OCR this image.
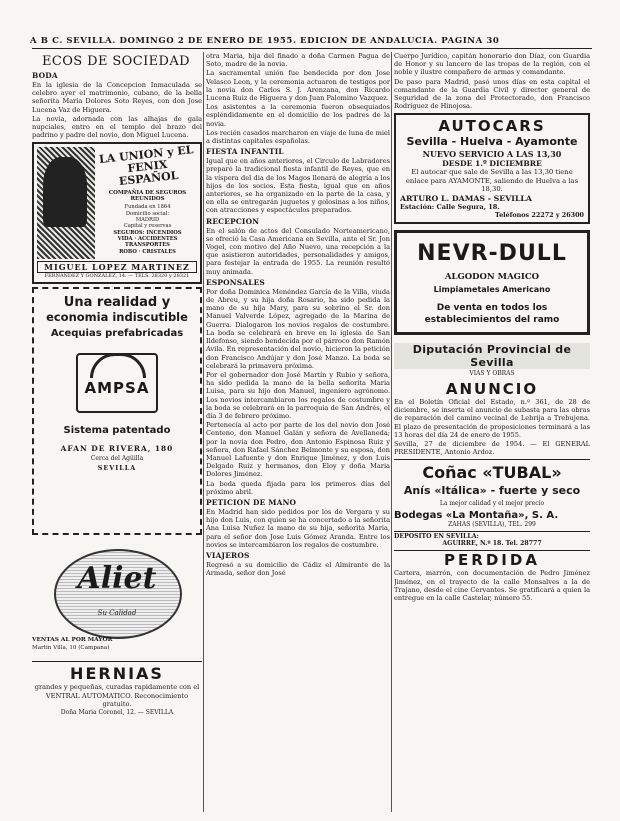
A B C. SEVILLA. DOMINGO 2 DE ENERO DE 1955. EDICION DE ANDALUCIA. PAGINA 30
ECOS DE SOCIEDAD
BODA

En la iglesia de la Concepcion Inmaculada se celebro ayer el matrimonio, cubano, de la bella señorita Maria Dolores Soto Reyes, con don Jose Lucena Vaz de Higuera.

La novia, adornada con las alhajas de gala nupciales, entro en el templo del brazo del padrino y padre del novio, don Miguel Lucena.

LA UNION y EL FENIX ESPAÑOL
COMPAÑIA DE SEGUROS REUNIDOS
Fundada en 1864
Domicilio social:
MADRID
Capital y reservas
SEGUROS: INCENDIOS
VIDA · ACCIDENTES
TRANSPORTES
ROBO · CRISTALES
MIGUEL LOPEZ MARTINEZ
FERNANDEZ Y GONZALEZ, 14. — TELS. 28320 y 28321
Una realidad y
economia indiscutible
Acequias prefabricadas
AMPSA
Sistema patentado
AFAN DE RIVERA, 180
Cerca del Agüilla
SEVILLA
Aliet
Su Calidad
VENTAS AL POR MAYOR
Martin Villa, 10 (Campana)
HERNIAS

grandes y pequeñas, curadas rapidamente con el VENTRAL AUTOMATICO. Reconocimiento gratuito.

Doña Maria Coronel, 12. — SEVILLA

otra Maria, hija del finado a doña Carmen Pagua de Soto, madre de la novia.

La sacramental unión fue bendecida por don Jose Velasco Leon, y la ceremonia actuaron de testigos por la novia don Carlos S. J. Arenzana, don Ricardo Lucena Ruiz de Higuera y don Juan Palomino Vazquez.

Los asistentes a la ceremonia fueron obsequiados espléndidamente en el domicilio de los padres de la novia.

Los recién casados marcharon en viaje de luna de miel a distintas capitales españolas.

FIESTA INFANTIL

Igual que en años anteriores, el Circulo de Labradores preparó la tradicional fiesta infantil de Reyes, que en la víspera del dia de los Magos llenará de alegría a los hijos de los socios. Esta fiesta, igual que en años anteriores, se ha organizado en la parte de la casa, y en ella se entregarán juguetes y golosinas a los niños, con atracciones y espectáculos preparados.

RECEPCION

En el salón de actos del Consulado Norteamericano, se ofreció la Casa Americana en Sevilla, ante el Sr. Jon Vogel, con motivo del Año Nuevo, una recepción a la que asistieron autoridades, personalidades y amigos, para festejar la entrada de 1955. La reunión resultó muy animada.

ESPONSALES

Por doña Dominica Menéndez García de la Villa, viuda de Abreu, y su hija doña Rosario, ha sido pedida la mano de su hija Mary, para su sobrino el Sr. don Manuel Valverde López, agregado de la Marina de Guerra. Dialogaron los novios regalos de costumbre. La boda se celebrará en breve en la iglesia de San Ildefonso, siendo bendecida por el párroco don Ramón Avila. En representación del novio, hicieron la petición don Francisco Andújar y don José Manzo. La boda se celebrará la primavera próxima.

Por el gobernador don José Martín y Rubio y señora, ha sido pedida la mano de la bella señorita Maria Luisa, para su hijo don Manuel, ingeniero agrónomo. Los novios intercambiaron los regalos de costumbre y la boda se celebrará en la parroquia de San Andrés, el día 3 de febrero próximo.

Pertenecía al acto por parte de los del novio don José Centeno, don Manuel Galán y señora de Avellaneda; por la novia don Pedro, don Antonio Espinosa Ruiz y señora, don Rafael Sánchez Belmonte y su esposa, don Manuel Lafuente y don Enrique Jiménez, y don Luis Delgado Ruiz y hermanos, don Eloy y doña Maria Dolores Jiménez.

La boda queda fijada para los primeros días del próximo abril.

PETICION DE MANO

En Madrid han sido pedidos por los de Vergara y su hijo don Luis, con quien se ha concertado a la señorita Ana Luisa Nuñez la mano de su hija, señorita Maria, para el señor don Jose Luis Gómez Aranda. Entre los novios se intercambiaron los regalos de costumbre.

VIAJEROS

Regresó a su domicilio de Cádiz el Almirante de la Armada, señor don José

Cuerpo Jurídico, capitán honorario don Díaz, con Guardia de Honor y su lancero de las tropas de la región, con el noble y ilustre compañero de armas y comandante.

De paso para Madrid, pasó unos días en esta capital el comandante de la Guardia Civil y director general de Seguridad de la zona del Protectorado, don Francisco Rodríguez de Hinojosa.

AUTOCARS
Sevilla - Huelva - Ayamonte
NUEVO SERVICIO A LAS 13,30
DESDE 1.º DICIEMBRE

El autocar que sale de Sevilla a las 13,30 tiene enlace para AYAMONTE, saliendo de Huelva a las 18,30.

ARTURO L. DAMAS - SEVILLA
Estación: Calle Segura, 18.
Teléfonos 22272 y 26300
NEVR-DULL
ALGODON MAGICO
Limpiametales Americano
De venta en todos los establecimientos del ramo
Diputación Provincial de Sevilla
VIAS Y OBRAS
ANUNCIO

En el Boletín Oficial del Estado, n.º 361, de 28 de diciembre, se inserta el anuncio de subasta para las obras de reparación del camino vecinal de Lebrija a Trebujena. El plazo de presentación de proposiciones terminará a las 13 horas del día 24 de enero de 1955.

Sevilla, 27 de diciembre de 1954. — El GENERAL PRESIDENTE, Antonio Ardoz.

Coñac «TUBAL»
Anís «Itálica» - fuerte y seco
La mejor calidad y el mejor precio
Bodegas «La Montaña», S. A.
ZAHAS (SEVILLA), TEL. 299
DEPOSITO EN SEVILLA:
AGUIRRE, N.º 18. Tel. 28777
PERDIDA

Cartera, marrón, con documentación de Pedro Jiménez Jiménez, en el trayecto de la calle Monsalves a la de Trajano, desde el cine Cervantes. Se gratificará a quien la entregue en la calle Castelar, número 55.
